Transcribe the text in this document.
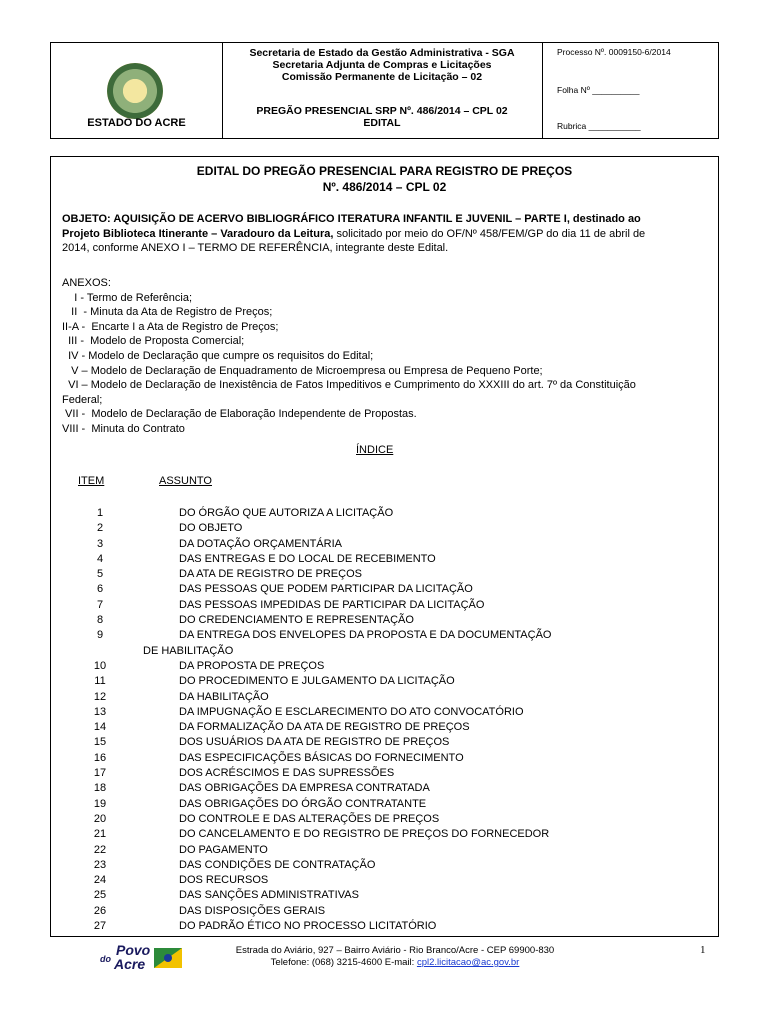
ESTADO DO ACRE
Secretaria de Estado da Gestão Administrativa - SGA
Secretaria Adjunta de Compras e Licitações
Comissão Permanente de Licitação – 02
PREGÃO PRESENCIAL SRP Nº. 486/2014 – CPL 02
EDITAL
Processo Nº. 0009150-6/2014
Folha Nº __________
Rubrica ___________
EDITAL DO PREGÃO PRESENCIAL PARA REGISTRO DE PREÇOS
Nº. 486/2014 – CPL 02
OBJETO: AQUISIÇÃO DE ACERVO BIBLIOGRÁFICO ITERATURA INFANTIL E JUVENIL – PARTE I, destinado ao
Projeto Biblioteca Itinerante – Varadouro da Leitura, solicitado por meio do OF/Nº 458/FEM/GP do dia 11 de abril de
2014, conforme ANEXO I – TERMO DE REFERÊNCIA, integrante deste Edital.
ANEXOS:
I - Termo de Referência;
II  - Minuta da Ata de Registro de Preços;
II-A -  Encarte I a Ata de Registro de Preços;
III -  Modelo de Proposta Comercial;
IV - Modelo de Declaração que cumpre os requisitos do Edital;
V – Modelo de Declaração de Enquadramento de Microempresa ou Empresa de Pequeno Porte;
VI – Modelo de Declaração de Inexistência de Fatos Impeditivos e Cumprimento do XXXIII do art. 7º da Constituição
Federal;
VII -  Modelo de Declaração de Elaboração Independente de Propostas.
VIII -  Minuta do Contrato
ÍNDICE
ITEM	ASSUNTO
1	DO ÓRGÃO QUE AUTORIZA A LICITAÇÃO
2	DO OBJETO
3	DA DOTAÇÃO ORÇAMENTÁRIA
4	DAS ENTREGAS E DO LOCAL DE RECEBIMENTO
5	DA ATA DE REGISTRO DE PREÇOS
6	DAS PESSOAS QUE PODEM PARTICIPAR DA LICITAÇÃO
7	DAS PESSOAS IMPEDIDAS DE PARTICIPAR DA LICITAÇÃO
8	DO CREDENCIAMENTO E REPRESENTAÇÃO
9	DA ENTREGA DOS ENVELOPES DA PROPOSTA E DA DOCUMENTAÇÃO
DE HABILITAÇÃO
10	DA PROPOSTA DE PREÇOS
11	DO PROCEDIMENTO E JULGAMENTO DA LICITAÇÃO
12	DA HABILITAÇÃO
13	DA IMPUGNAÇÃO E ESCLARECIMENTO DO ATO CONVOCATÓRIO
14	DA FORMALIZAÇÃO DA ATA DE REGISTRO DE PREÇOS
15	DOS USUÁRIOS DA ATA DE REGISTRO DE PREÇOS
16	DAS ESPECIFICAÇÕES BÁSICAS DO FORNECIMENTO
17	DOS ACRÉSCIMOS E DAS SUPRESSÕES
18	DAS OBRIGAÇÕES DA EMPRESA CONTRATADA
19	DAS OBRIGAÇÕES DO ÓRGÃO CONTRATANTE
20	DO CONTROLE E DAS ALTERAÇÕES DE PREÇOS
21	DO CANCELAMENTO E DO REGISTRO DE PREÇOS DO FORNECEDOR
22	DO PAGAMENTO
23	DAS CONDIÇÕES DE CONTRATAÇÃO
24	DOS RECURSOS
25	DAS SANÇÕES ADMINISTRATIVAS
26	DAS DISPOSIÇÕES GERAIS
27	DO PADRÃO ÉTICO NO PROCESSO LICITATÓRIO
Povo
do Acre
Estrada do Aviário, 927 – Bairro Aviário - Rio Branco/Acre - CEP 69900-830
Telefone: (068) 3215-4600 E-mail: cpl2.licitacao@ac.gov.br
1
